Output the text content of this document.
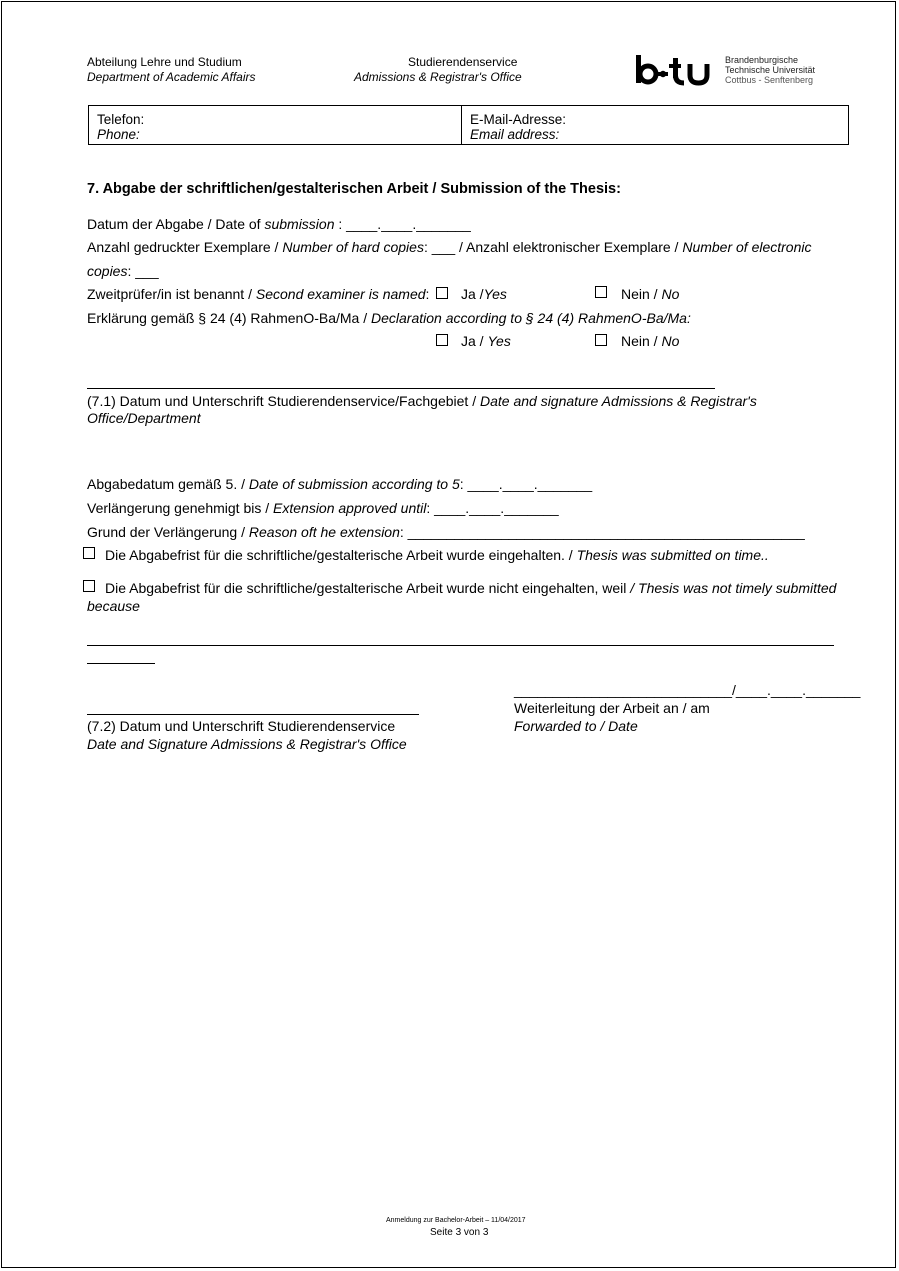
Abteilung Lehre und Studium
Department of Academic Affairs
Studierendenservice
Admissions & Registrar's Office
Brandenburgische
Technische Universität
Cottbus - Senftenberg
Telefon:
Phone:
E-Mail-Adresse:
Email address:
7. Abgabe der schriftlichen/gestalterischen Arbeit / Submission of the Thesis:
Datum der Abgabe / Date of submission : ____.____._______
Anzahl gedruckter Exemplare / Number of hard copies: ___ / Anzahl elektronischer Exemplare / Number of electronic
copies: ___
Zweitprüfer/in ist benannt / Second examiner is named: Ja /Yes	Nein / No
Erklärung gemäß § 24 (4) RahmenO-Ba/Ma / Declaration according to § 24 (4) RahmenO-Ba/Ma:
Ja / Yes	Nein / No
(7.1) Datum und Unterschrift Studierendenservice/Fachgebiet / Date and signature Admissions & Registrar's
Office/Department
Abgabedatum gemäß 5. / Date of submission according to 5: ____.____._______
Verlängerung genehmigt bis / Extension approved until: ____.____._______
Grund der Verlängerung / Reason oft he extension: ___________________________________________________
Die Abgabefrist für die schriftliche/gestalterische Arbeit wurde eingehalten. / Thesis was submitted on time..
Die Abgabefrist für die schriftliche/gestalterische Arbeit wurde nicht eingehalten, weil / Thesis was not timely submitted
because
____________________________/____.____._______
Weiterleitung der Arbeit an / am
Forwarded to / Date
(7.2) Datum und Unterschrift Studierendenservice
Date and Signature Admissions & Registrar's Office
Anmeldung zur Bachelor-Arbeit – 11/04/2017
Seite 3 von 3
